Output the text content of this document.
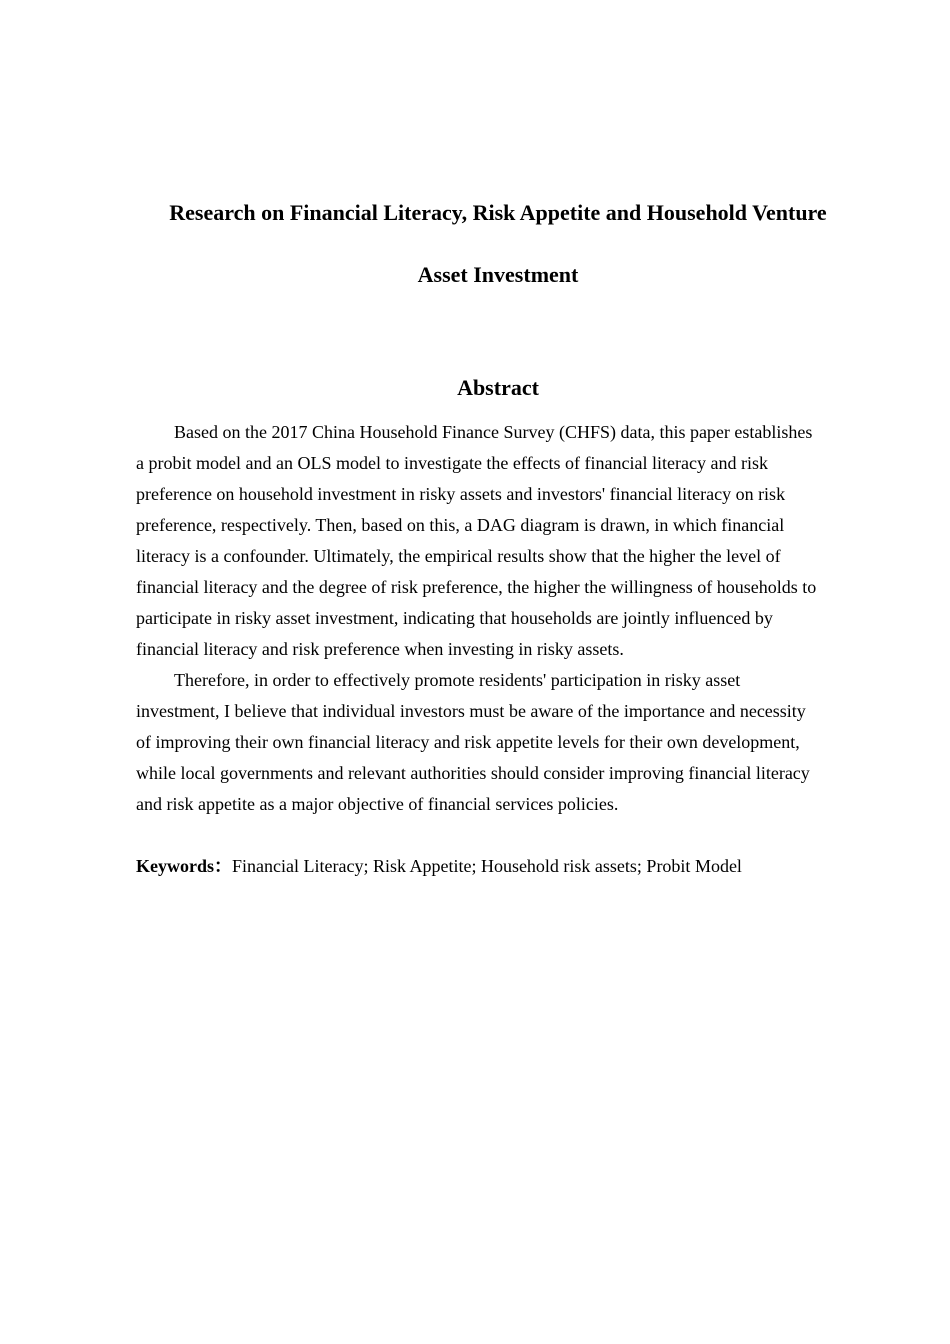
Research on Financial Literacy, Risk Appetite and Household Venture
Asset Investment
Abstract

Based on the 2017 China Household Finance Survey (CHFS) data, this paper establishes
a probit model and an OLS model to investigate the effects of financial literacy and risk
preference on household investment in risky assets and investors' financial literacy on risk
preference, respectively. Then, based on this, a DAG diagram is drawn, in which financial
literacy is a confounder. Ultimately, the empirical results show that the higher the level of
financial literacy and the degree of risk preference, the higher the willingness of households to
participate in risky asset investment, indicating that households are jointly influenced by
financial literacy and risk preference when investing in risky assets.

Therefore, in order to effectively promote residents' participation in risky asset
investment, I believe that individual investors must be aware of the importance and necessity
of improving their own financial literacy and risk appetite levels for their own development,
while local governments and relevant authorities should consider improving financial literacy
and risk appetite as a major objective of financial services policies.

Keywords：Financial Literacy; Risk Appetite; Household risk assets; Probit Model
